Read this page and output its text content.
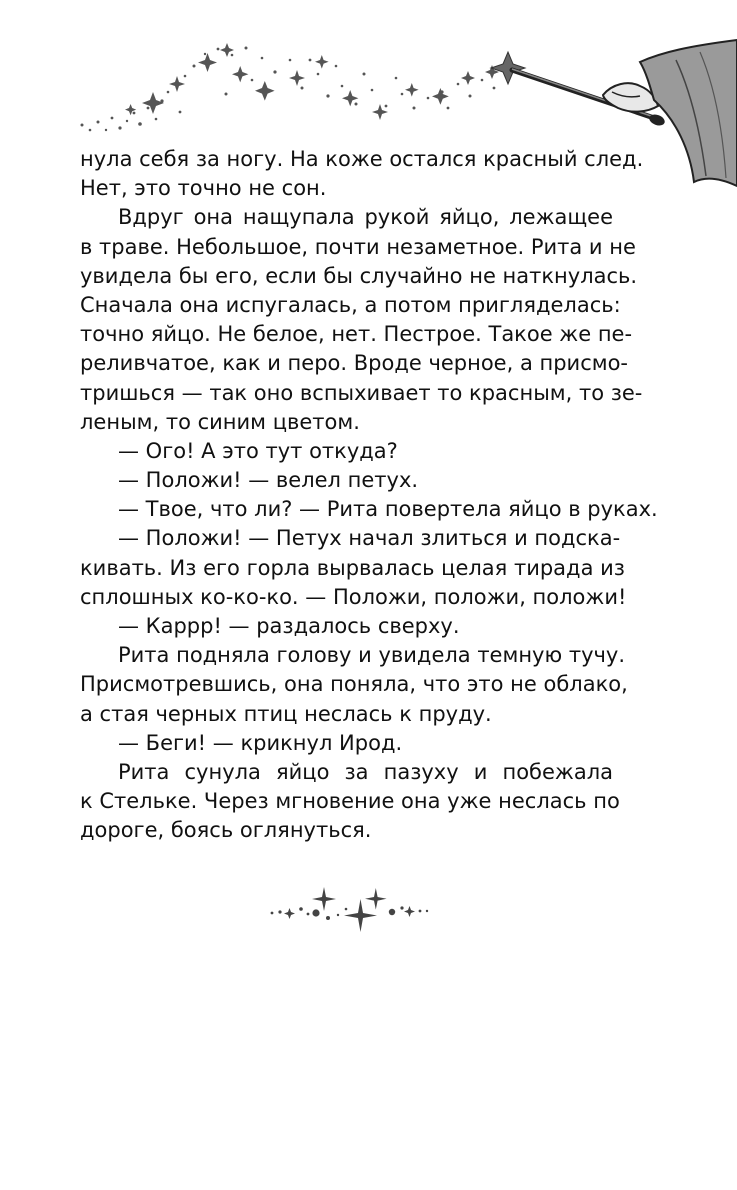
нула себя за ногу. На коже остался красный след.
Нет, это точно не сон.
Вдруг она нащупала рукой яйцо, лежащее
в траве. Небольшое, почти незаметное. Рита и не
увидела бы его, если бы случайно не наткнулась.
Сначала она испугалась, а потом пригляделась:
точно яйцо. Не белое, нет. Пестрое. Такое же пе-
реливчатое, как и перо. Вроде черное, а присмо-
тришься — так оно вспыхивает то красным, то зе-
леным, то синим цветом.
— Ого! А это тут откуда?
— Положи! — велел петух.
— Твое, что ли? — Рита повертела яйцо в руках.
— Положи! — Петух начал злиться и подска-
кивать. Из его горла вырвалась целая тирада из
сплошных ко-ко-ко. — Положи, положи, положи!
— Каррр! — раздалось сверху.
Рита подняла голову и увидела темную тучу.
Присмотревшись, она поняла, что это не облако,
а стая черных птиц неслась к пруду.
— Беги! — крикнул Ирод.
Рита сунула яйцо за пазуху и побежала
к Стельке. Через мгновение она уже неслась по
дороге, боясь оглянуться.
